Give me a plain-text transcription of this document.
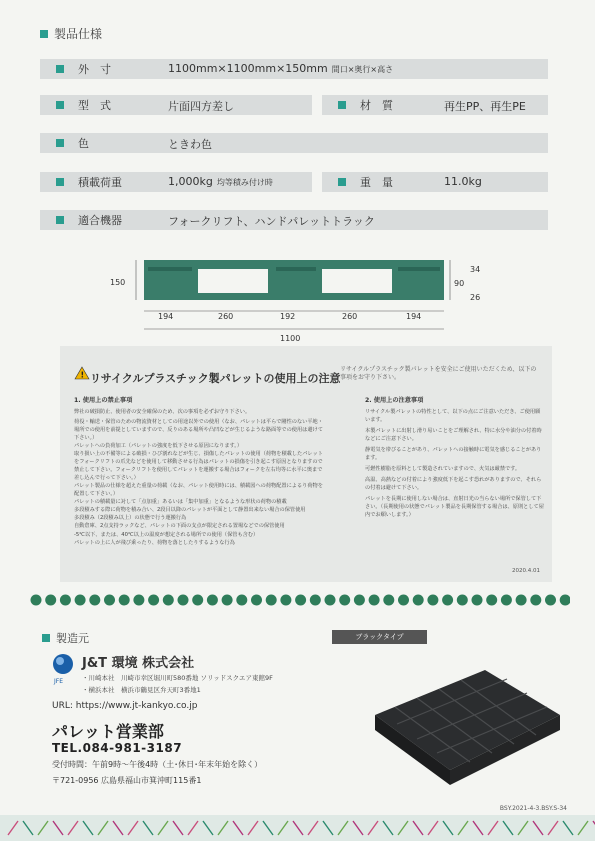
製品仕様
外　寸	1100mm×1100mm×150mm 間口×奥行×高さ
型　式	片面四方差し	材　質	再生PP、再生PE
色	ときわ色
積載荷重	1,000kg 均等積み付け時	重　量	11.0kg
適合機器	フォークリフト、ハンドパレットトラック
150
34
90
26
194	260	192	260	194
1100
! リサイクルプラスチック製パレットの使用上の注意
リサイクルプラスチック製パレットを安全にご使用いただくため、以下の事項をお守り下さい。
1. 使用上の禁止事項
弊社の破損防止、使用者の安全確保のため、次の事項を必ずお守り下さい。
荷役・輸送・保管のための物流資材としての用途以外での使用（なお、パレットは平らで剛性のない平地・場所での使用を前提としていますので、反りのある場所や凸凹などが生じるような路面等での使用は避けて下さい。）
パレットへの負荷加工（パレットの強度を低下させる原因になります。）
取り扱い上の不備等による破損・ひび割れなどが生じ、損傷したパレットの使用（荷物を積載したパレットをフォークリフトの爪先などを使用して移動させる行為はパレットの損傷を引き起こす原因となりますので禁止して下さい。フォークリフトを使用してパレットを運搬する場合はフォークを左右均等に水平に奥まで差し込んで行って下さい。）
パレット製品の仕様を超えた重量の荷載（なお、パレット使用時には、積載図への荷物配置によるり荷物を配置して下さい。）
パレットの積載量に対して「点加重」あるいは「集中加重」となるような形状の荷物の積載
多段積みする際に荷物を積み合い、2段目以降のパレットが平面として静置出来ない場合の保管使用
多段積み（2段積み以上）の状態で行う運搬行為
自動倉庫、2点支持ラックなど、パレットの下面の支点が限定される置場などでの保管使用
-5℃以下、または、40℃以上の温度が想定される場所での使用（保管も含む）
パレットの上に人が飛び乗ったり、荷物を落としたりするような行為
2. 使用上の注意事項
リサイクル製パレットの特性として、以下の点にご注意いただき、ご使用願います。
本製パレットに出射し滑り易いことをご理解され、特に水分や油分の付着時などにご注意下さい。
静電気を帯びることがあり、パレットへの接触時に電気を感じることがあります。
可燃性樹脂を原料として製造されていますので、火気は厳禁です。
高温、高熱などの付着により強度低下を起こす恐れがありますので、それらの付着は避けて下さい。
パレットを長期に使用しない場合は、直射日光の当らない場所で保管して下さい。（長期使用の状態でパレット製品を長期保管する場合は、原則として屋内でお願いします。）
2020.4.01
製造元
JFE
J&T 環境 株式会社
・川崎本社　川崎市幸区堀川町580番地 ソリッドスクエア東館9F
・横浜本社　横浜市鶴見区弁天町3番地1
URL: https://www.jt-kankyo.co.jp
パレット営業部
TEL.084-981-3187
受付時間：午前9時～午後4時（土･休日･年末年始を除く）
〒721-0956 広島県福山市箕沖町115番1
ブラックタイプ
BSY.2021-4-3.BSY.S-34
